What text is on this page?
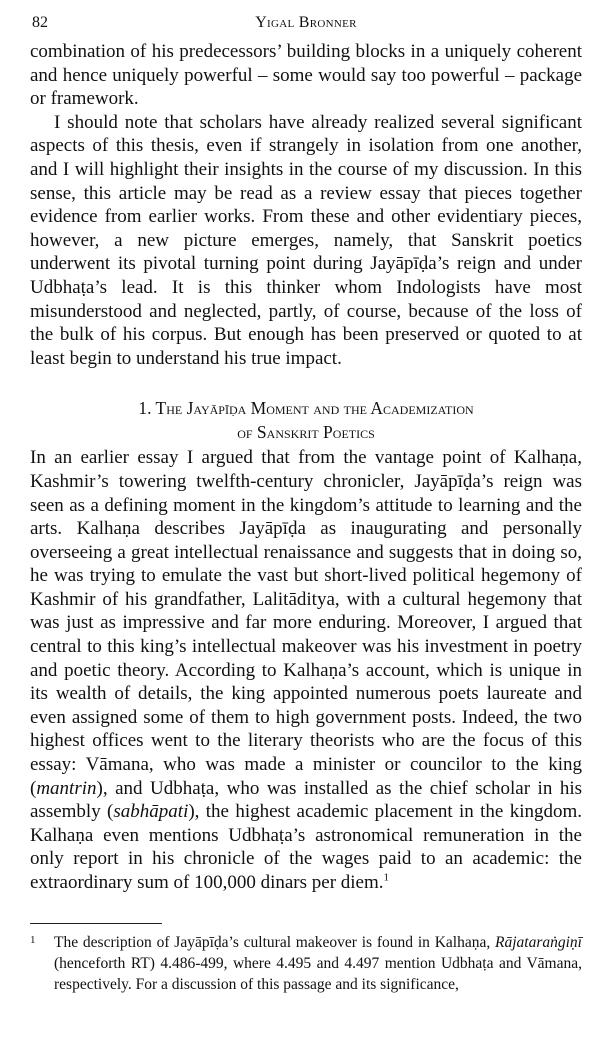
82	Yigal Bronner

combination of his predecessors’ building blocks in a uniquely coherent and hence uniquely powerful – some would say too powerful – package or framework.

I should note that scholars have already realized several significant aspects of this thesis, even if strangely in isolation from one another, and I will highlight their insights in the course of my discussion. In this sense, this article may be read as a review essay that pieces together evidence from earlier works. From these and other evidentiary pieces, however, a new picture emerges, namely, that Sanskrit poetics underwent its pivotal turning point during Jayāpīḍa’s reign and under Udbhaṭa’s lead. It is this thinker whom Indologists have most misunderstood and neglected, partly, of course, because of the loss of the bulk of his corpus. But enough has been preserved or quoted to at least begin to understand his true impact.

1. The Jayāpīḍa Moment and the Academization
of Sanskrit Poetics

In an earlier essay I argued that from the vantage point of Kalhaṇa, Kashmir’s towering twelfth-century chronicler, Jayāpīḍa’s reign was seen as a defining moment in the kingdom’s attitude to learning and the arts. Kalhaṇa describes Jayāpīḍa as inaugurating and personally overseeing a great intellectual renaissance and suggests that in doing so, he was trying to emulate the vast but short-lived political hegemony of Kashmir of his grandfather, Lalitāditya, with a cultural hegemony that was just as impressive and far more enduring. Moreover, I argued that central to this king’s intellectual makeover was his investment in poetry and poetic theory. According to Kalhaṇa’s account, which is unique in its wealth of details, the king appointed numerous poets laureate and even assigned some of them to high government posts. Indeed, the two highest offices went to the literary theorists who are the focus of this essay: Vāmana, who was made a minister or councilor to the king (mantrin), and Udbhaṭa, who was installed as the chief scholar in his assembly (sabhāpati), the highest academic placement in the kingdom. Kalhaṇa even mentions Udbhaṭa’s astronomical remuneration in the only report in his chronicle of the wages paid to an academic: the extraordinary sum of 100,000 dinars per diem.$^1$

1 The description of Jayāpīḍa’s cultural makeover is found in Kalhaṇa, Rājataraṅgiṇī (henceforth RT) 4.486-499, where 4.495 and 4.497 mention Udbhaṭa and Vāmana, respectively. For a discussion of this passage and its significance,
